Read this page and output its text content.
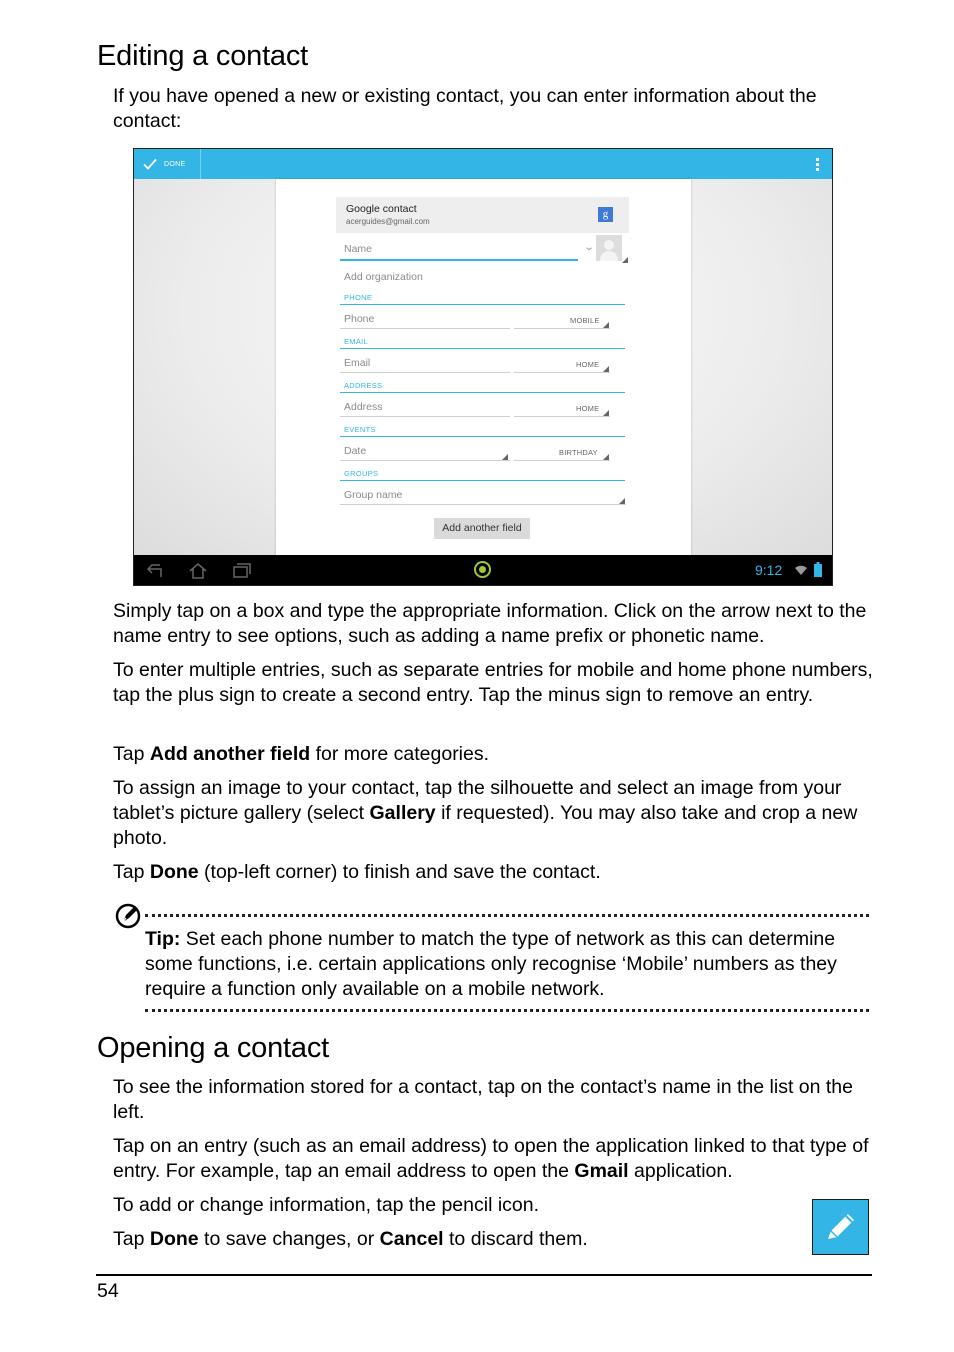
Editing a contact

If you have opened a new or existing contact, you can enter information about the contact:

DONE
Google contact
acerguides@gmail.com
g
Name	⌄
Add organization
PHONE
Phone	MOBILE
EMAIL
Email	HOME
ADDRESS
Address	HOME
EVENTS
Date	BIRTHDAY
GROUPS
Group name
Add another field
9:12

Simply tap on a box and type the appropriate information. Click on the arrow next to the name entry to see options, such as adding a name prefix or phonetic name.

To enter multiple entries, such as separate entries for mobile and home phone numbers, tap the plus sign to create a second entry. Tap the minus sign to remove an entry.

Tap Add another field for more categories.

To assign an image to your contact, tap the silhouette and select an image from your tablet’s picture gallery (select Gallery if requested). You may also take and crop a new photo.

Tap Done (top-left corner) to finish and save the contact.

Tip: Set each phone number to match the type of network as this can determine some functions, i.e. certain applications only recognise ‘Mobile’ numbers as they require a function only available on a mobile network.

Opening a contact

To see the information stored for a contact, tap on the contact’s name in the list on the left.

Tap on an entry (such as an email address) to open the application linked to that type of entry. For example, tap an email address to open the Gmail application.

To add or change information, tap the pencil icon.

Tap Done to save changes, or Cancel to discard them.

54
